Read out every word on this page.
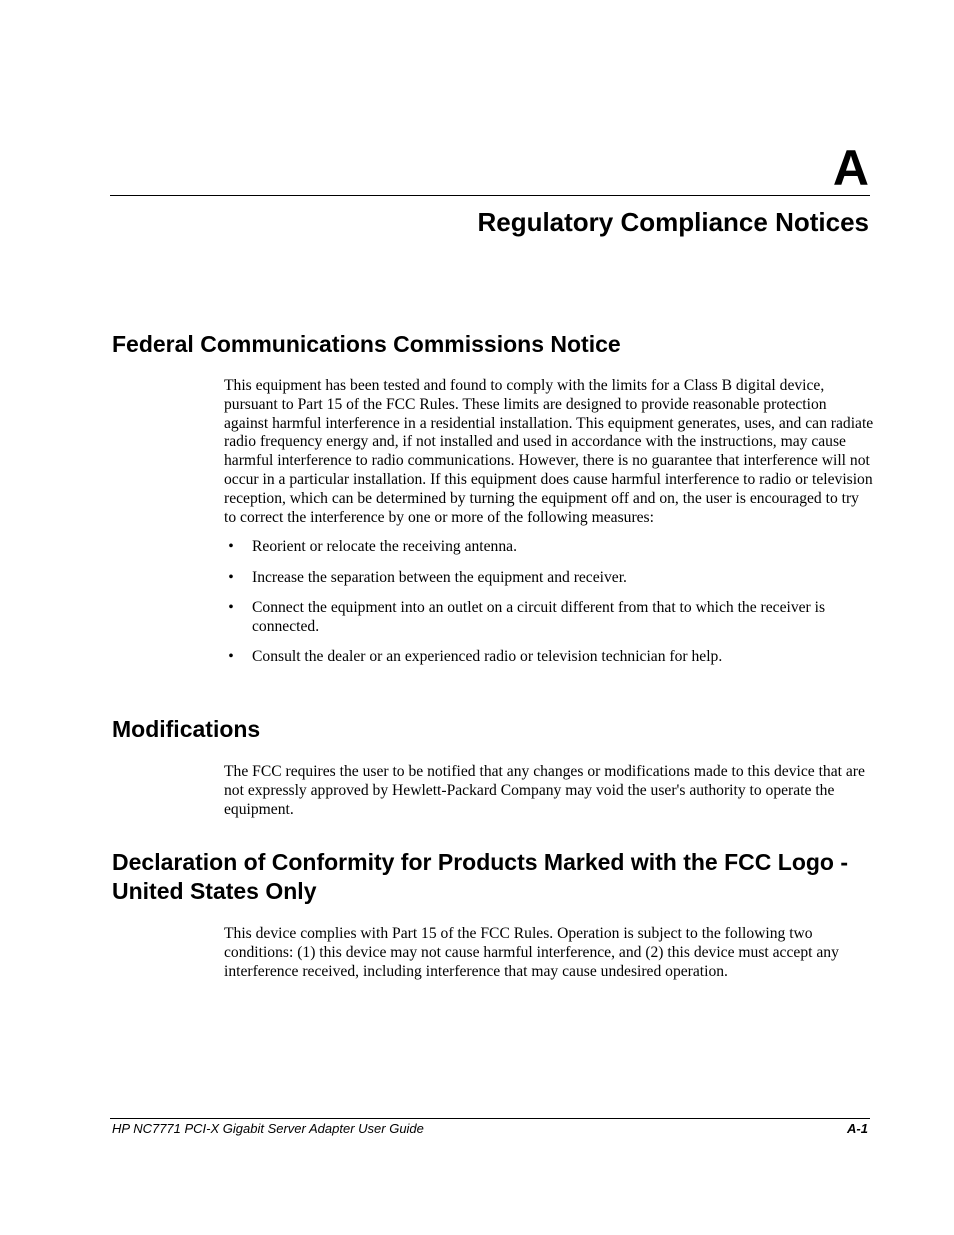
A
Regulatory Compliance Notices
Federal Communications Commissions Notice

This equipment has been tested and found to comply with the limits for a Class B digital device, pursuant to Part 15 of the FCC Rules. These limits are designed to provide reasonable protection against harmful interference in a residential installation. This equipment generates, uses, and can radiate radio frequency energy and, if not installed and used in accordance with the instructions, may cause harmful interference to radio communications. However, there is no guarantee that interference will not occur in a particular installation. If this equipment does cause harmful interference to radio or television reception, which can be determined by turning the equipment off and on, the user is encouraged to try to correct the interference by one or more of the following measures:

• Reorient or relocate the receiving antenna.
• Increase the separation between the equipment and receiver.
• Connect the equipment into an outlet on a circuit different from that to which the receiver is connected.
• Consult the dealer or an experienced radio or television technician for help.
Modifications

The FCC requires the user to be notified that any changes or modifications made to this device that are not expressly approved by Hewlett-Packard Company may void the user's authority to operate the equipment.

Declaration of Conformity for Products Marked with the FCC Logo - United States Only

This device complies with Part 15 of the FCC Rules. Operation is subject to the following two conditions: (1) this device may not cause harmful interference, and (2) this device must accept any interference received, including interference that may cause undesired operation.

HP NC7771 PCI-X Gigabit Server Adapter User Guide	A-1
